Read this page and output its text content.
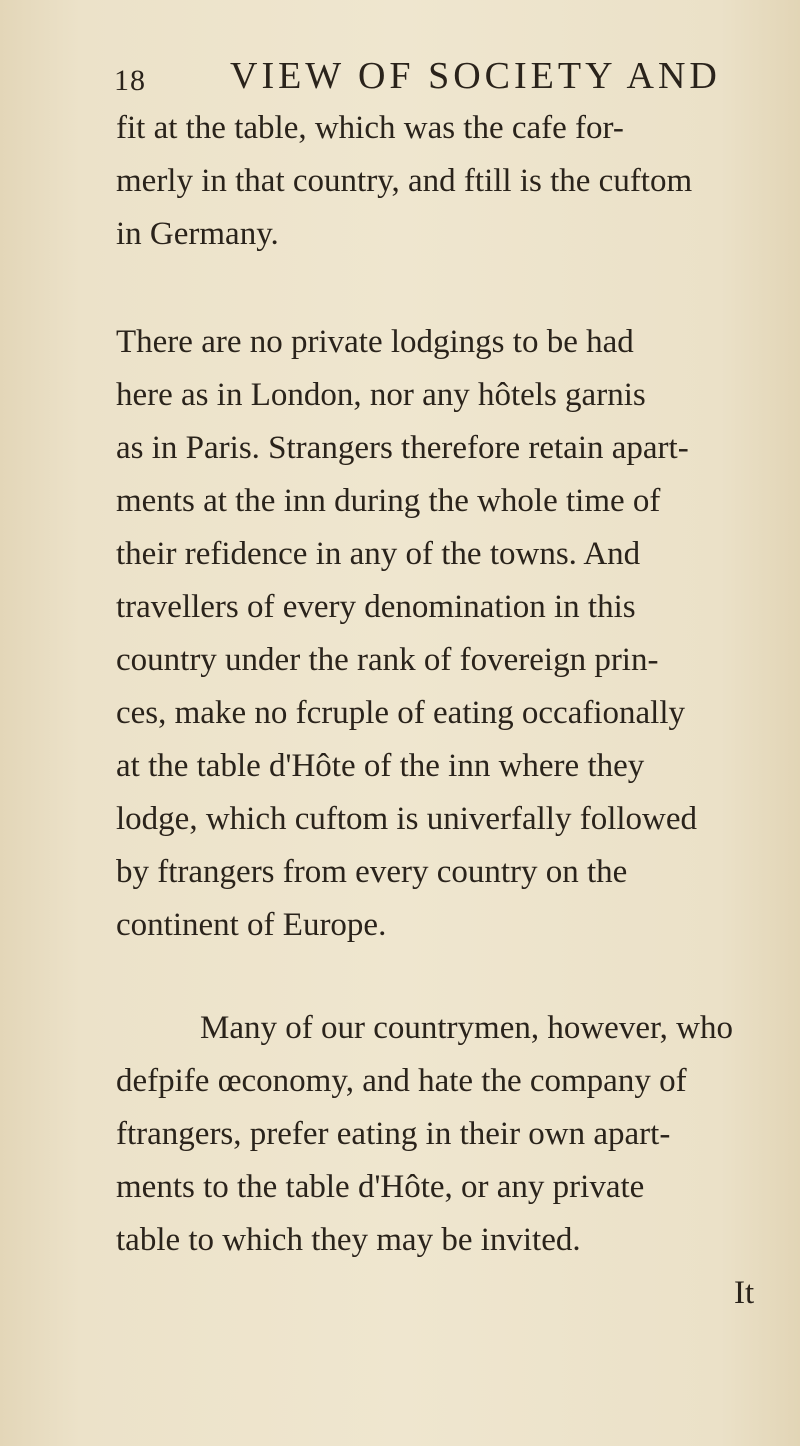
18 VIEW OF SOCIETY AND
fit at the table, which was the cafe for-
merly in that country, and ftill is the cuftom
in Germany.
There are no private lodgings to be had
here as in London, nor any hôtels garnis
as in Paris. Strangers therefore retain apart-
ments at the inn during the whole time of
their refidence in any of the towns. And
travellers of every denomination in this
country under the rank of fovereign prin-
ces, make no fcruple of eating occafionally
at the table d'Hôte of the inn where they
lodge, which cuftom is univerfally followed
by ftrangers from every country on the
continent of Europe.
Many of our countrymen, however, who
defpife œconomy, and hate the company of
ftrangers, prefer eating in their own apart-
ments to the table d'Hôte, or any private
table to which they may be invited.
It
